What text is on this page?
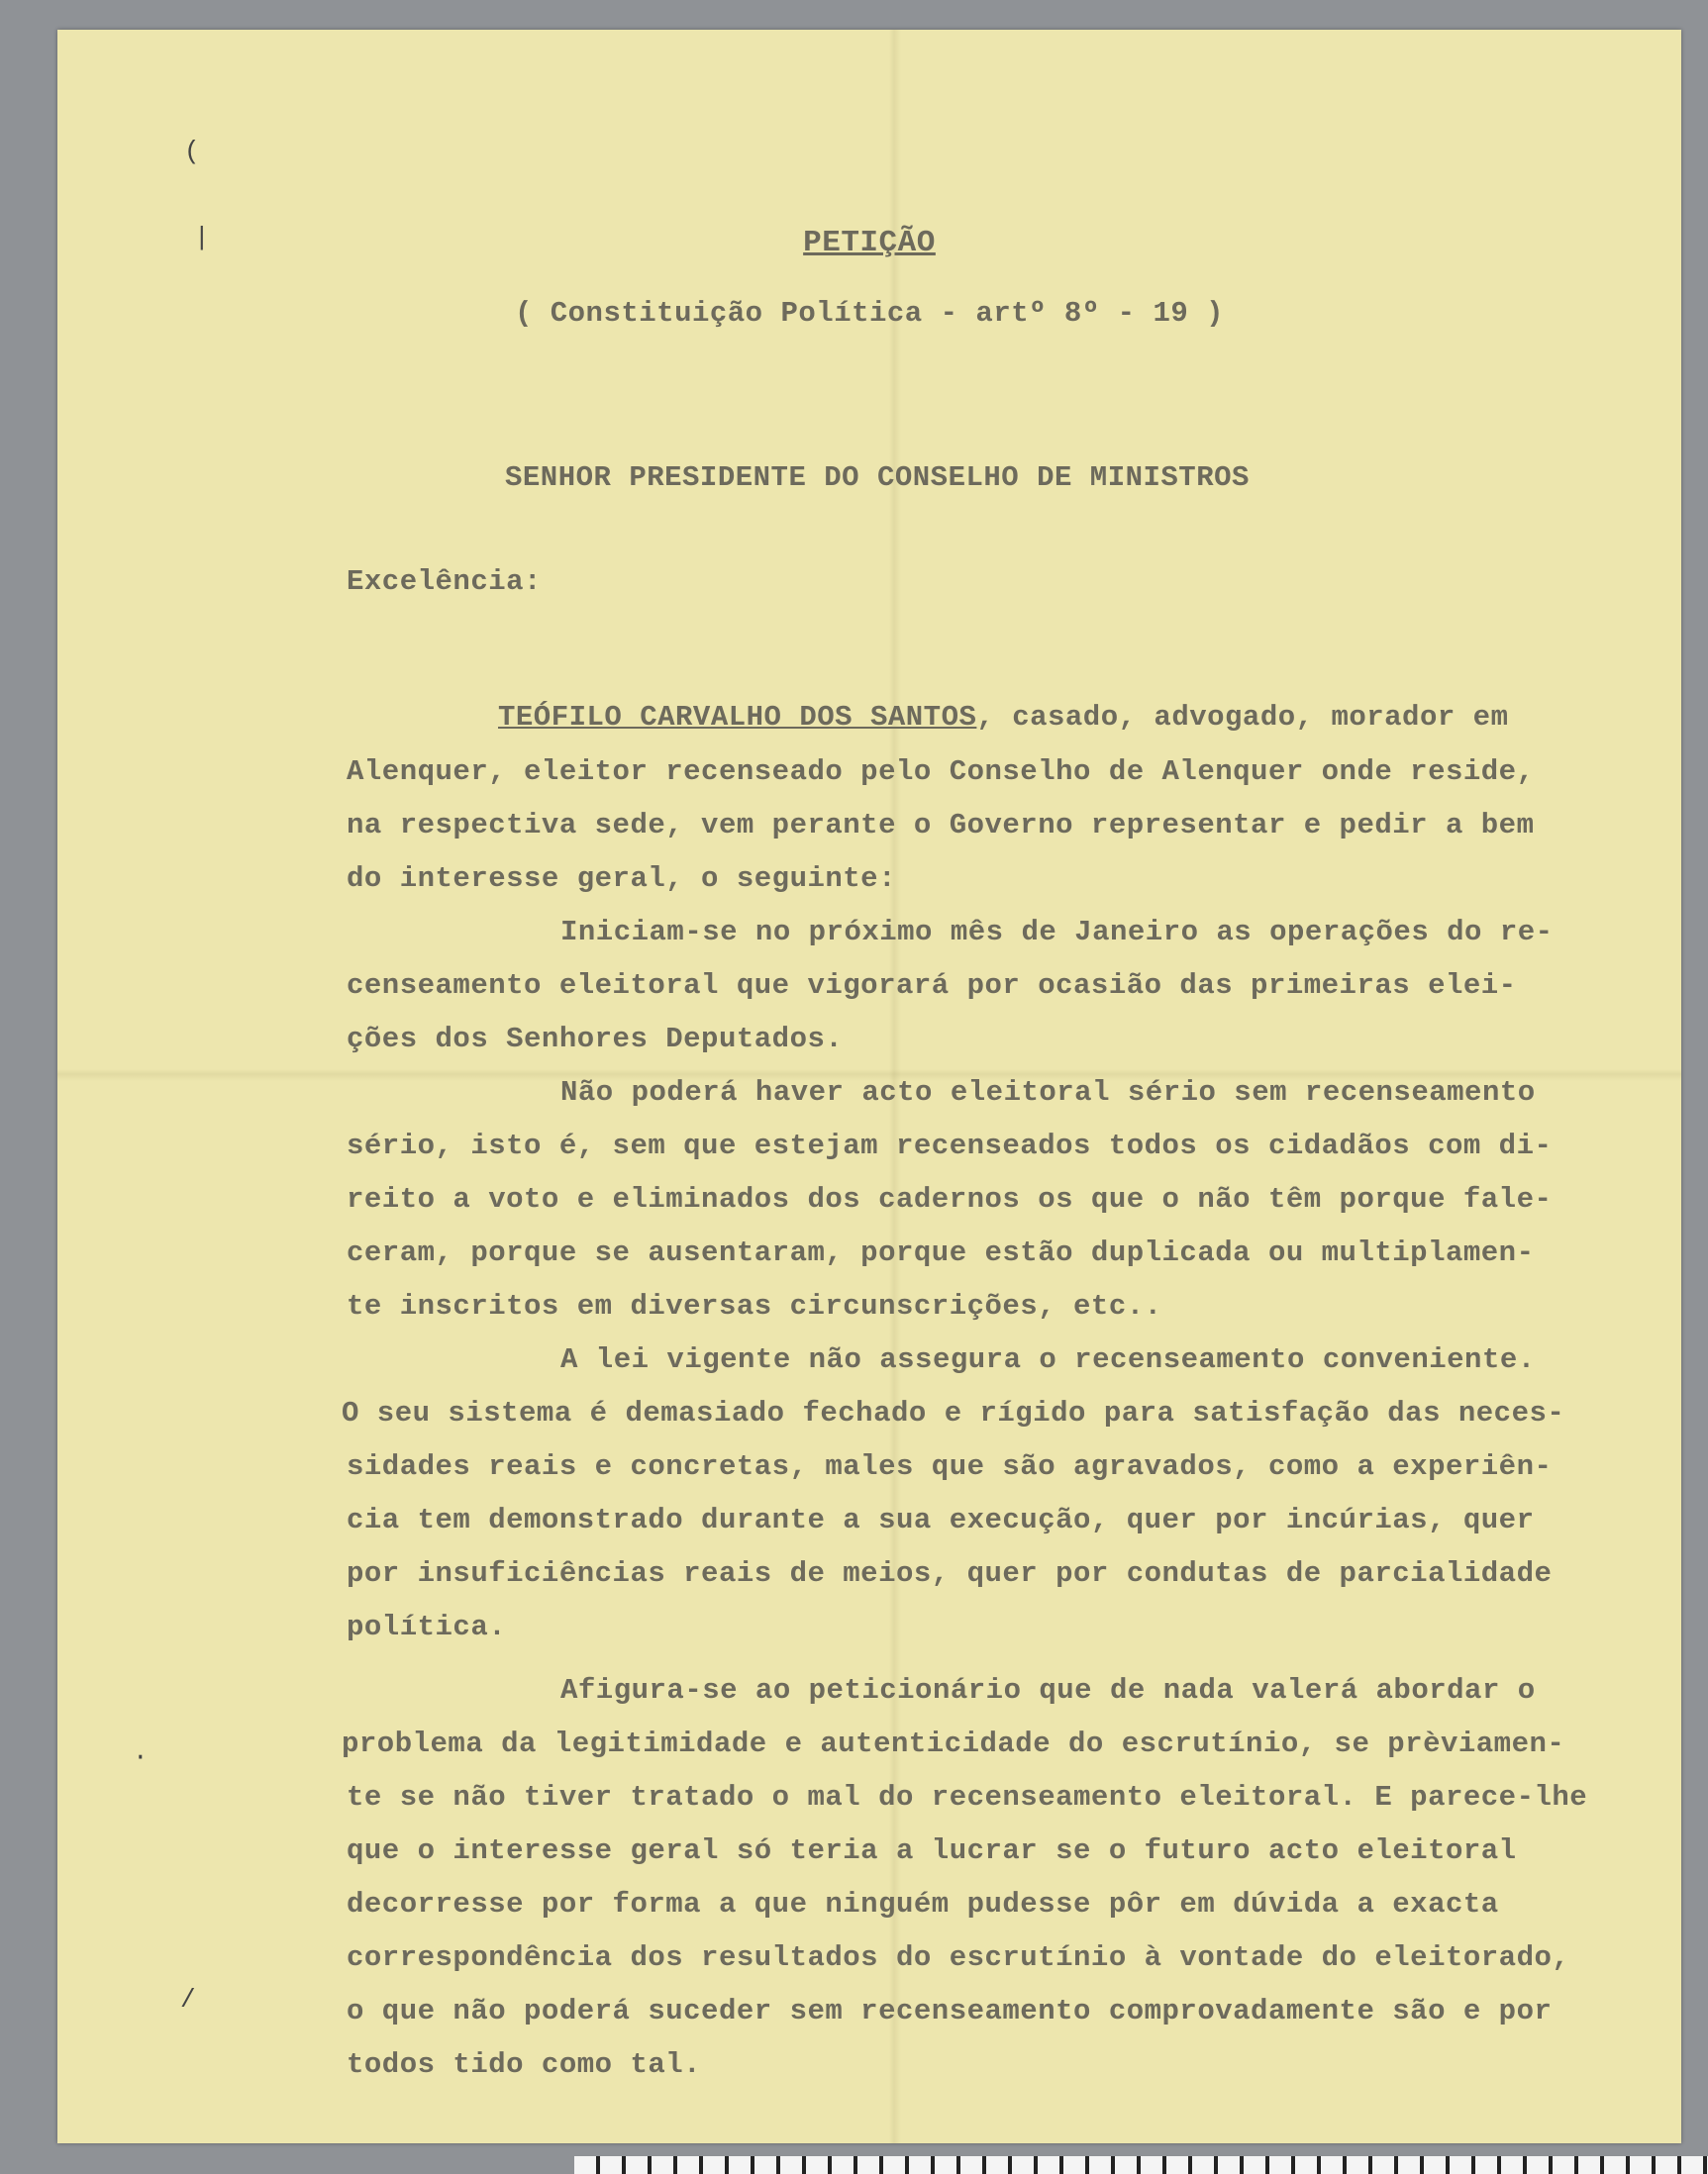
PETIÇÃO
( Constituição Política - artº 8º - 19 )
SENHOR PRESIDENTE DO CONSELHO DE MINISTROS
Excelência:
TEÓFILO CARVALHO DOS SANTOS, casado, advogado, morador em
Alenquer, eleitor recenseado pelo Conselho de Alenquer onde reside,
na respectiva sede, vem perante o Governo representar e pedir a bem
do interesse geral, o seguinte:
Iniciam-se no próximo mês de Janeiro as operações do re-
censeamento eleitoral que vigorará por ocasião das primeiras elei-
ções dos Senhores Deputados.
Não poderá haver acto eleitoral sério sem recenseamento
sério, isto é, sem que estejam recenseados todos os cidadãos com di-
reito a voto e eliminados dos cadernos os que o não têm porque fale-
ceram, porque se ausentaram, porque estão duplicada ou multiplamen-
te inscritos em diversas circunscrições, etc..
A lei vigente não assegura o recenseamento conveniente.
O seu sistema é demasiado fechado e rígido para satisfação das neces-
sidades reais e concretas, males que são agravados, como a experiên-
cia tem demonstrado durante a sua execução, quer por incúrias, quer
por insuficiências reais de meios, quer por condutas de parcialidade
política.
Afigura-se ao peticionário que de nada valerá abordar o
problema da legitimidade e autenticidade do escrutínio, se prèviamen-
te se não tiver tratado o mal do recenseamento eleitoral. E parece-lhe
que o interesse geral só teria a lucrar se o futuro acto eleitoral
decorresse por forma a que ninguém pudesse pôr em dúvida a exacta
correspondência dos resultados do escrutínio à vontade do eleitorado,
o que não poderá suceder sem recenseamento comprovadamente são e por
todos tido como tal.
(
|
·
/
